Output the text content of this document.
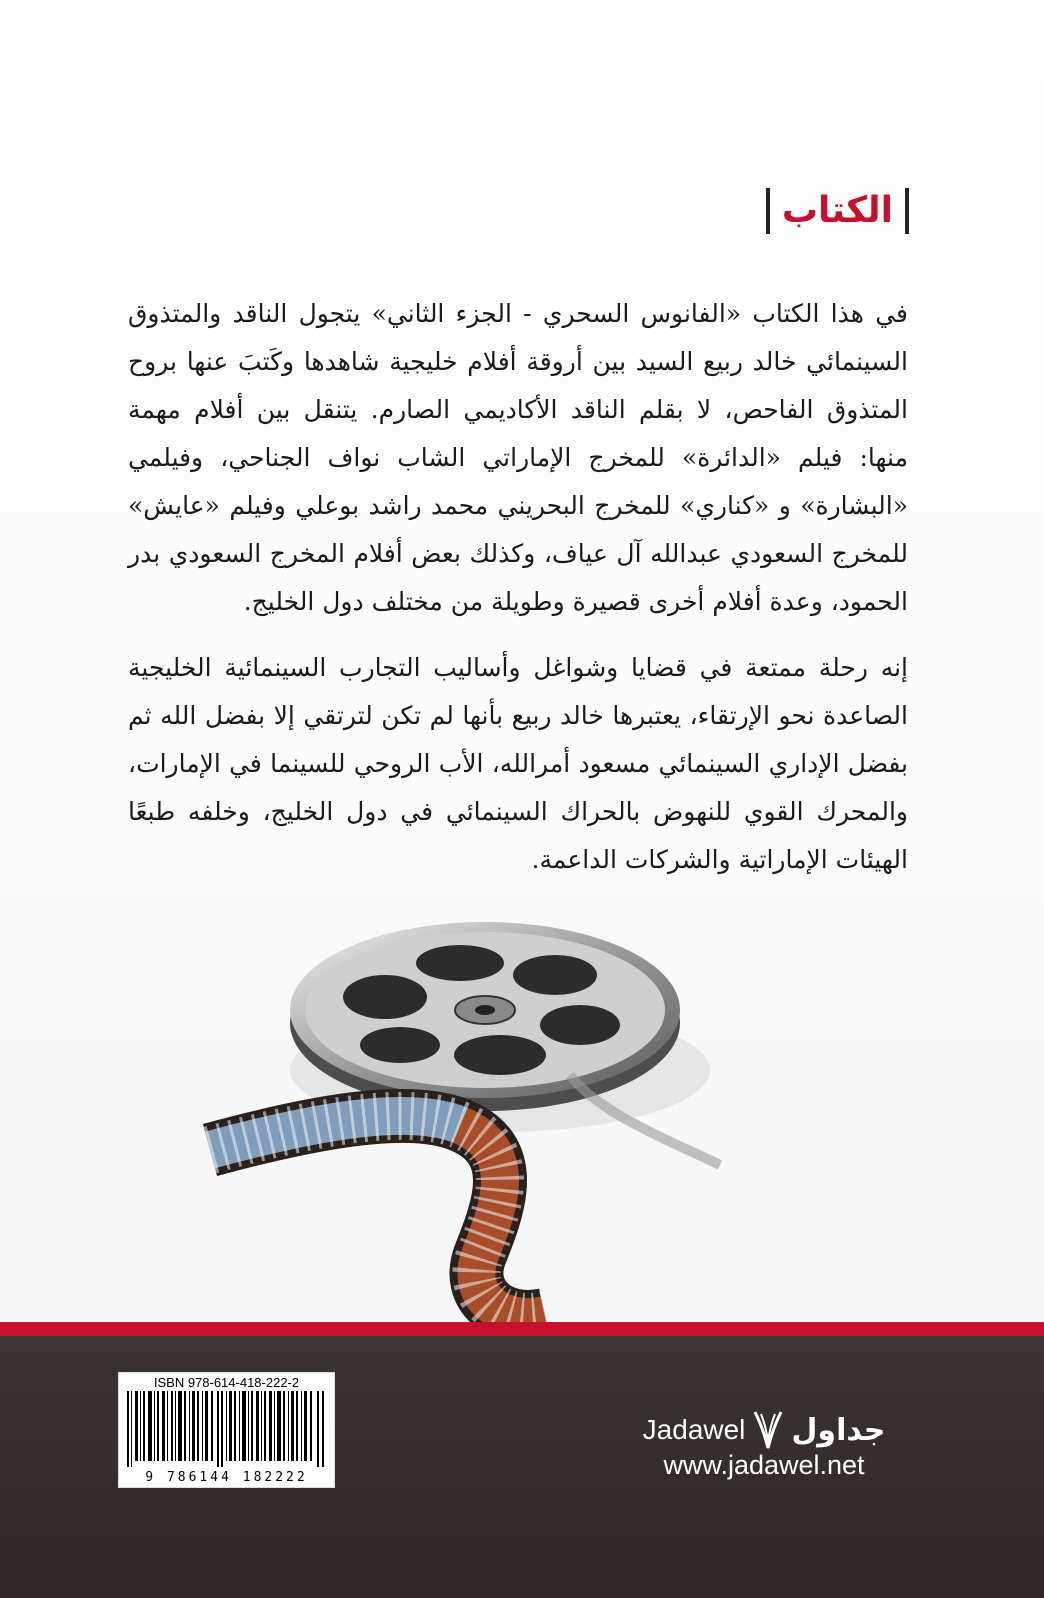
الكتاب

في هذا الكتاب «الفانوس السحري - الجزء الثاني» يتجول الناقد والمتذوق السينمائي خالد ربيع السيد بين أروقة أفلام خليجية شاهدها وكَتبَ عنها بروح المتذوق الفاحص، لا بقلم الناقد الأكاديمي الصارم. يتنقل بين أفلام مهمة منها: فيلم «الدائرة» للمخرج الإماراتي الشاب نواف الجناحي، وفيلمي «البشارة» و «كناري» للمخرج البحريني محمد راشد بوعلي وفيلم «عايش» للمخرج السعودي عبدالله آل عياف، وكذلك بعض أفلام المخرج السعودي بدر الحمود، وعدة أفلام أخرى قصيرة وطويلة من مختلف دول الخليج.

إنه رحلة ممتعة في قضايا وشواغل وأساليب التجارب السينمائية الخليجية الصاعدة نحو الإرتقاء، يعتبرها خالد ربيع بأنها لم تكن لترتقي إلا بفضل الله ثم بفضل الإداري السينمائي مسعود أمرالله، الأب الروحي للسينما في الإمارات، والمحرك القوي للنهوض بالحراك السينمائي في دول الخليج، وخلفه طبعًا الهيئات الإماراتية والشركات الداعمة.

ISBN 978-614-418-222-2
9 786144 182222
Jadawel جداول
www.jadawel.net
